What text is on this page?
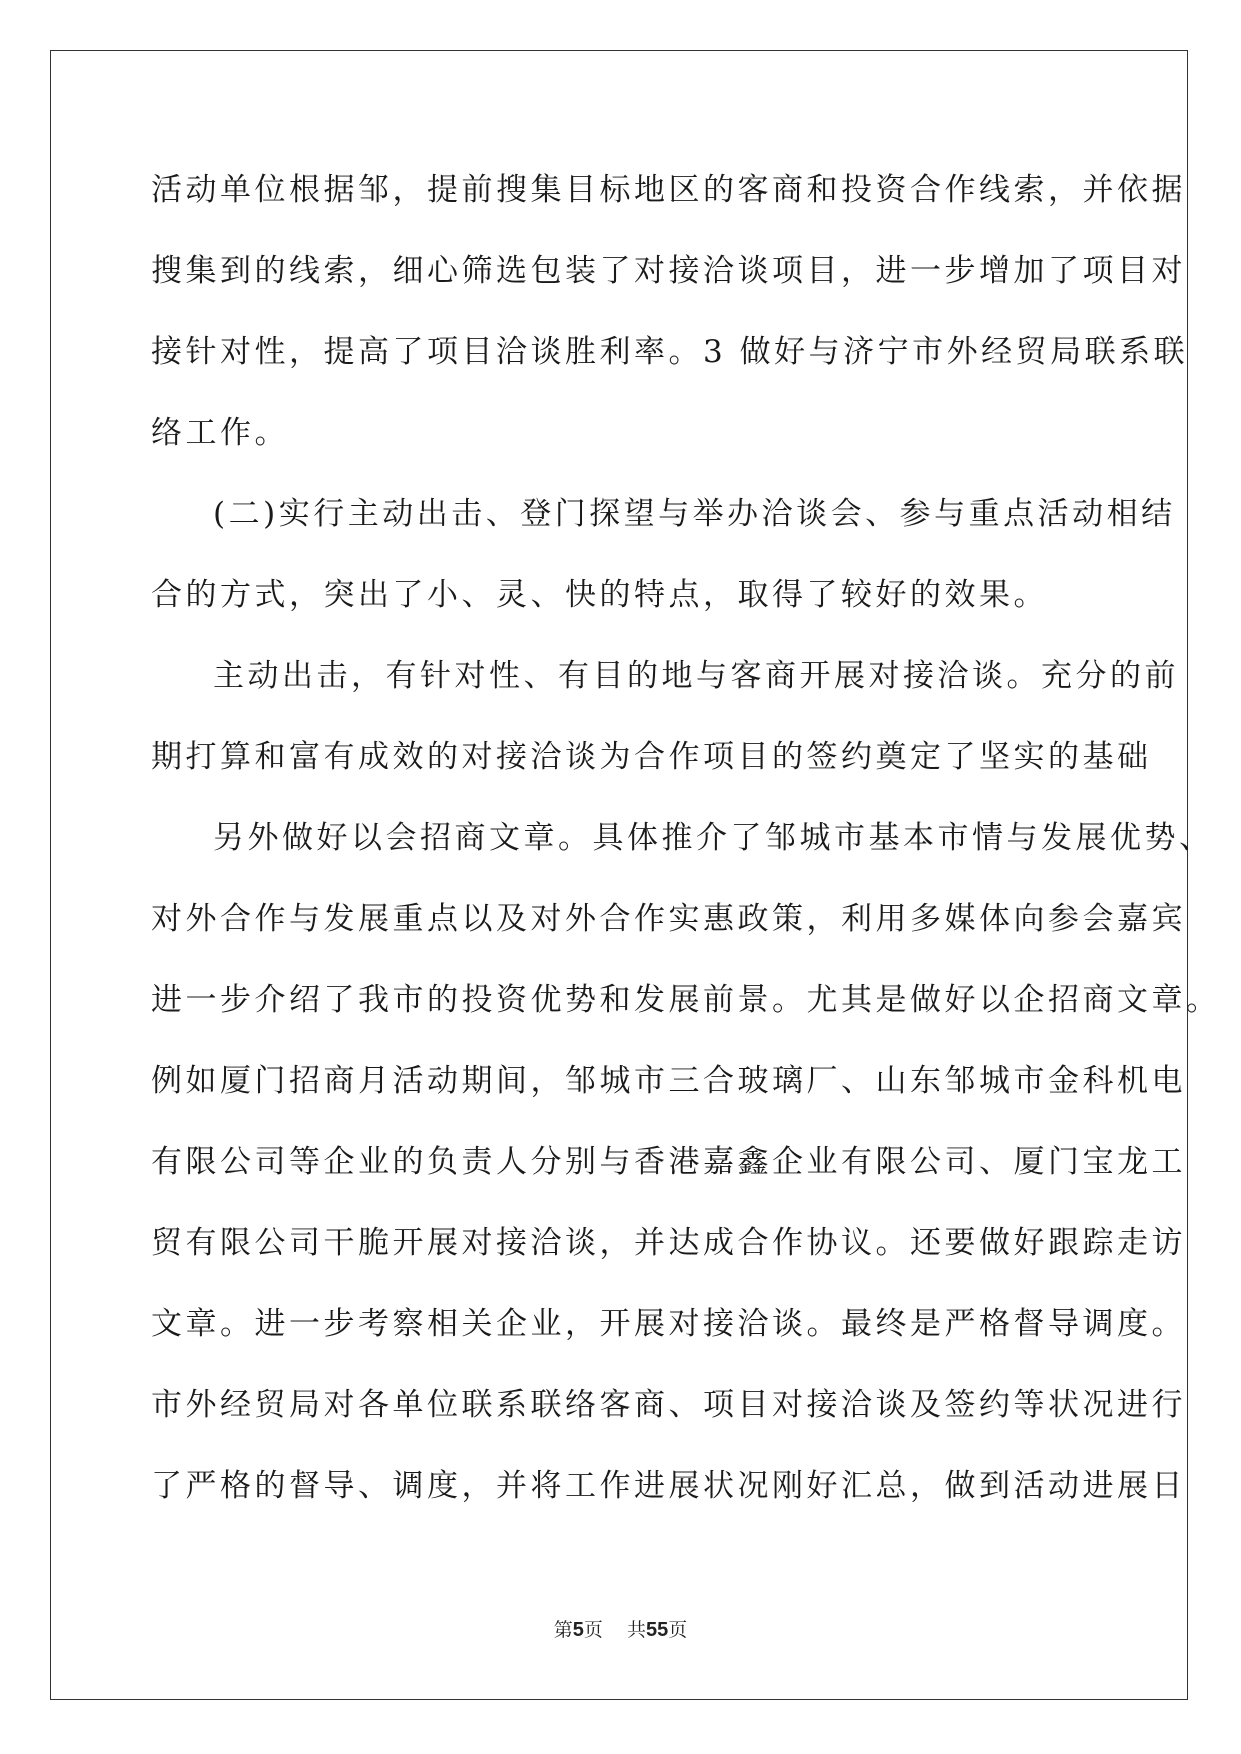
活动单位根据邹，提前搜集目标地区的客商和投资合作线索，并依据
搜集到的线索，细心筛选包装了对接洽谈项目，进一步增加了项目对
接针对性，提高了项目洽谈胜利率。3 做好与济宁市外经贸局联系联
络工作。
(二)实行主动出击、登门探望与举办洽谈会、参与重点活动相结
合的方式，突出了小、灵、快的特点，取得了较好的效果。
主动出击，有针对性、有目的地与客商开展对接洽谈。充分的前
期打算和富有成效的对接洽谈为合作项目的签约奠定了坚实的基础
另外做好以会招商文章。具体推介了邹城市基本市情与发展优势、
对外合作与发展重点以及对外合作实惠政策，利用多媒体向参会嘉宾
进一步介绍了我市的投资优势和发展前景。尤其是做好以企招商文章。
例如厦门招商月活动期间，邹城市三合玻璃厂、山东邹城市金科机电
有限公司等企业的负责人分别与香港嘉鑫企业有限公司、厦门宝龙工
贸有限公司干脆开展对接洽谈，并达成合作协议。还要做好跟踪走访
文章。进一步考察相关企业，开展对接洽谈。最终是严格督导调度。
市外经贸局对各单位联系联络客商、项目对接洽谈及签约等状况进行
了严格的督导、调度，并将工作进展状况刚好汇总，做到活动进展日
第5页 共55页
